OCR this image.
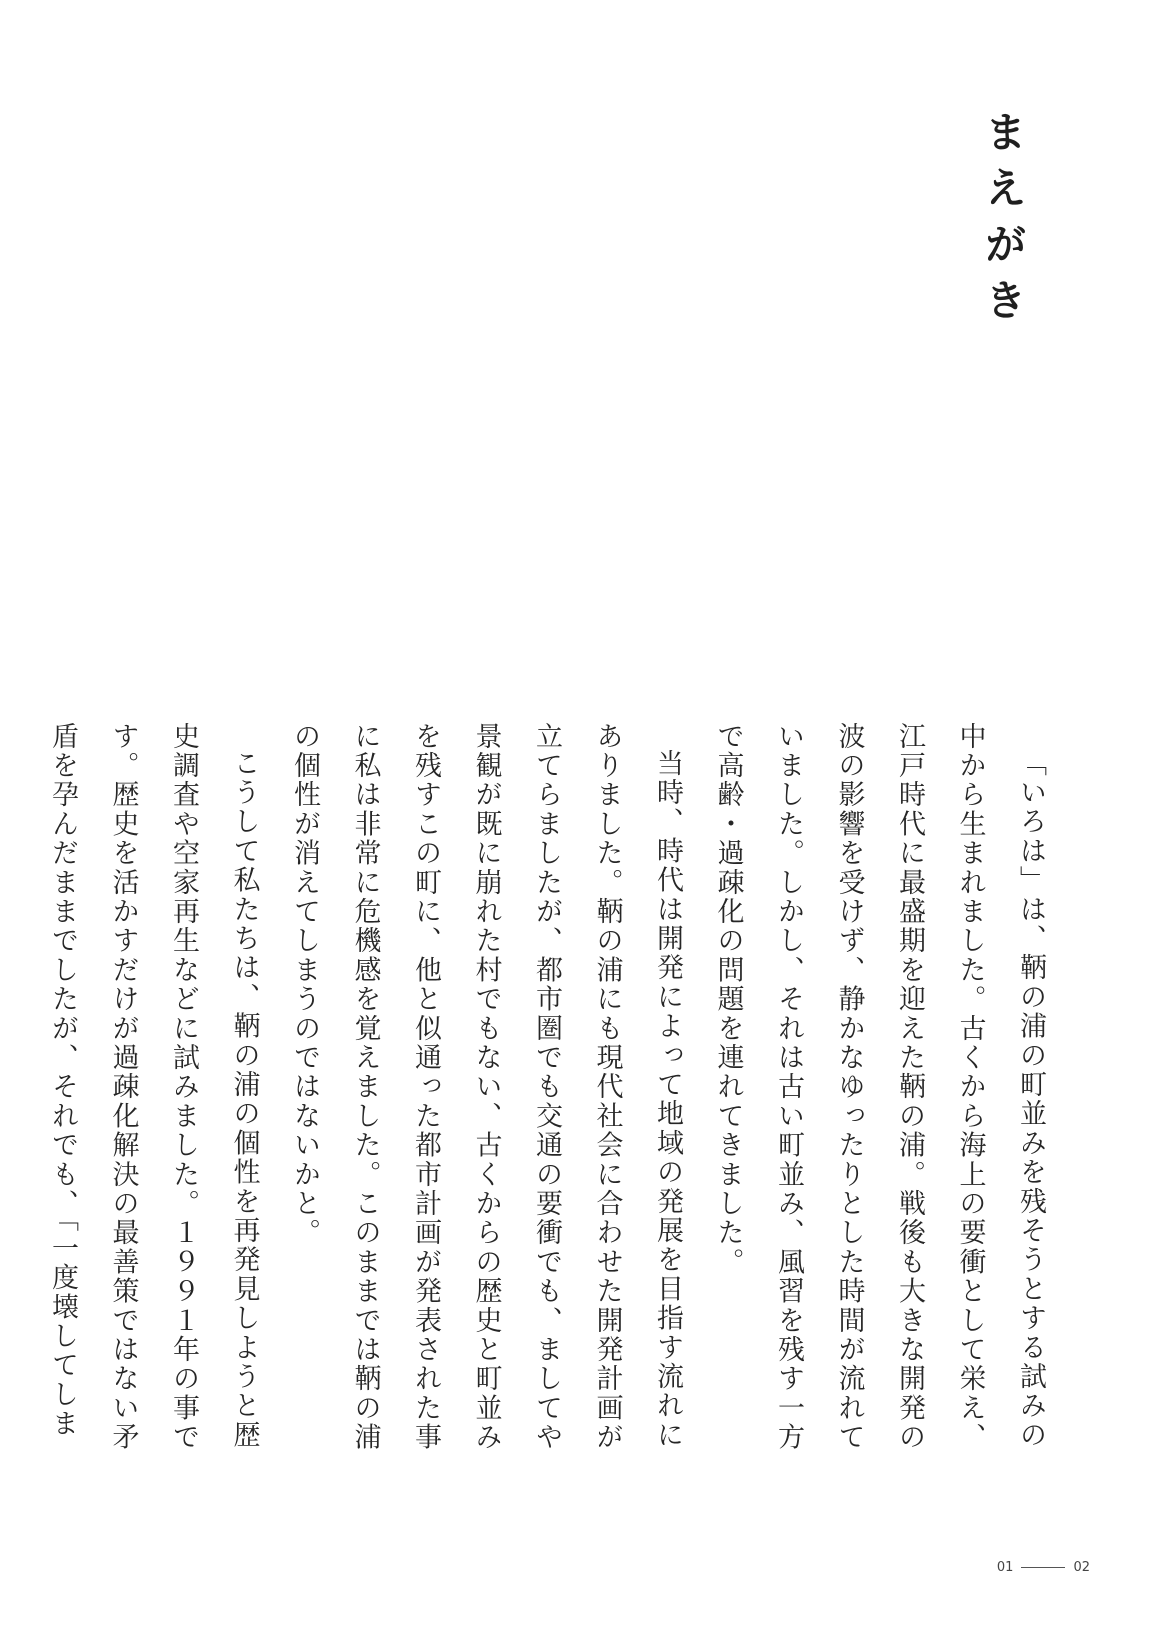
まえがき

「いろは」は、鞆の浦の町並みを残そうとする試みの中から生まれました。古くから海上の要衝として栄え、江戸時代に最盛期を迎えた鞆の浦。戦後も大きな開発の波の影響を受けず、静かなゆったりとした時間が流れていました。しかし、それは古い町並み、風習を残す一方で高齢・過疎化の問題を連れてきました。

当時、時代は開発によって地域の発展を目指す流れにありました。鞆の浦にも現代社会に合わせた開発計画が立てらましたが、都市圏でも交通の要衝でも、ましてや景観が既に崩れた村でもない、古くからの歴史と町並みを残すこの町に、他と似通った都市計画が発表された事に私は非常に危機感を覚えました。このままでは鞆の浦の個性が消えてしまうのではないかと。

こうして私たちは、鞆の浦の個性を再発見しようと歴史調査や空家再生などに試みました。１９９１年の事です。歴史を活かすだけが過疎化解決の最善策ではない矛盾を孕んだままでしたが、それでも、「一度壊してしま

01	02
